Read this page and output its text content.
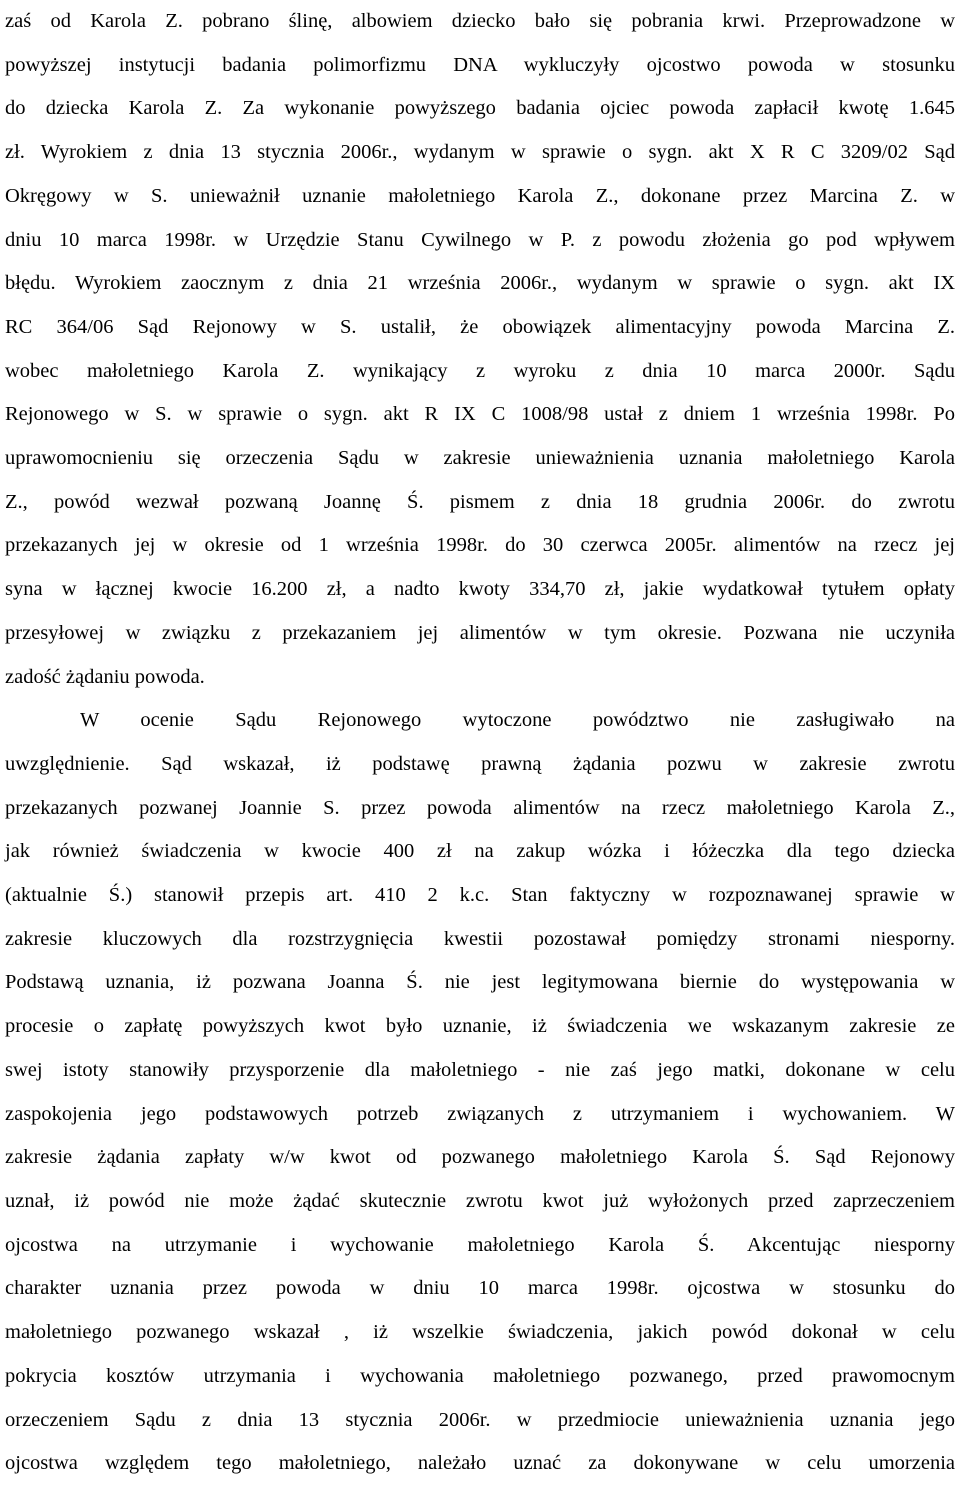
zaś od Karola Z. pobrano ślinę, albowiem dziecko bało się pobrania krwi. Przeprowadzone w
powyższej instytucji badania polimorfizmu DNA wykluczyły ojcostwo powoda w stosunku
do dziecka Karola Z. Za wykonanie powyższego badania ojciec powoda zapłacił kwotę 1.645
zł. Wyrokiem z dnia 13 stycznia 2006r., wydanym w sprawie o sygn. akt X R C 3209/02 Sąd
Okręgowy w S. unieważnił uznanie małoletniego Karola Z., dokonane przez Marcina Z. w
dniu 10 marca 1998r. w Urzędzie Stanu Cywilnego w P. z powodu złożenia go pod wpływem
błędu. Wyrokiem zaocznym z dnia 21 września 2006r., wydanym w sprawie o sygn. akt IX
RC 364/06 Sąd Rejonowy w S. ustalił, że obowiązek alimentacyjny powoda Marcina Z.
wobec małoletniego Karola Z. wynikający z wyroku z dnia 10 marca 2000r. Sądu
Rejonowego w S. w sprawie o sygn. akt R IX C 1008/98 ustał z dniem 1 września 1998r. Po
uprawomocnieniu się orzeczenia Sądu w zakresie unieważnienia uznania małoletniego Karola
Z., powód wezwał pozwaną Joannę Ś. pismem z dnia 18 grudnia 2006r. do zwrotu
przekazanych jej w okresie od 1 września 1998r. do 30 czerwca 2005r. alimentów na rzecz jej
syna w łącznej kwocie 16.200 zł, a nadto kwoty 334,70 zł, jakie wydatkował tytułem opłaty
przesyłowej w związku z przekazaniem jej alimentów w tym okresie. Pozwana nie uczyniła
zadość żądaniu powoda.

W ocenie Sądu Rejonowego wytoczone powództwo nie zasługiwało na
uwzględnienie. Sąd wskazał, iż podstawę prawną żądania pozwu w zakresie zwrotu
przekazanych pozwanej Joannie S. przez powoda alimentów na rzecz małoletniego Karola Z.,
jak również świadczenia w kwocie 400 zł na zakup wózka i łóżeczka dla tego dziecka
(aktualnie Ś.) stanowił przepis art. 410 2 k.c. Stan faktyczny w rozpoznawanej sprawie w
zakresie kluczowych dla rozstrzygnięcia kwestii pozostawał pomiędzy stronami niesporny.
Podstawą uznania, iż pozwana Joanna Ś. nie jest legitymowana biernie do występowania w
procesie o zapłatę powyższych kwot było uznanie, iż świadczenia we wskazanym zakresie ze
swej istoty stanowiły przysporzenie dla małoletniego - nie zaś jego matki, dokonane w celu
zaspokojenia jego podstawowych potrzeb związanych z utrzymaniem i wychowaniem. W
zakresie żądania zapłaty w/w kwot od pozwanego małoletniego Karola Ś. Sąd Rejonowy
uznał, iż powód nie może żądać skutecznie zwrotu kwot już wyłożonych przed zaprzeczeniem
ojcostwa na utrzymanie i wychowanie małoletniego Karola Ś. Akcentując niesporny
charakter uznania przez powoda w dniu 10 marca 1998r. ojcostwa w stosunku do
małoletniego pozwanego wskazał , iż wszelkie świadczenia, jakich powód dokonał w celu
pokrycia kosztów utrzymania i wychowania małoletniego pozwanego, przed prawomocnym
orzeczeniem Sądu z dnia 13 stycznia 2006r. w przedmiocie unieważnienia uznania jego
ojcostwa względem tego małoletniego, należało uznać za dokonywane w celu umorzenia
